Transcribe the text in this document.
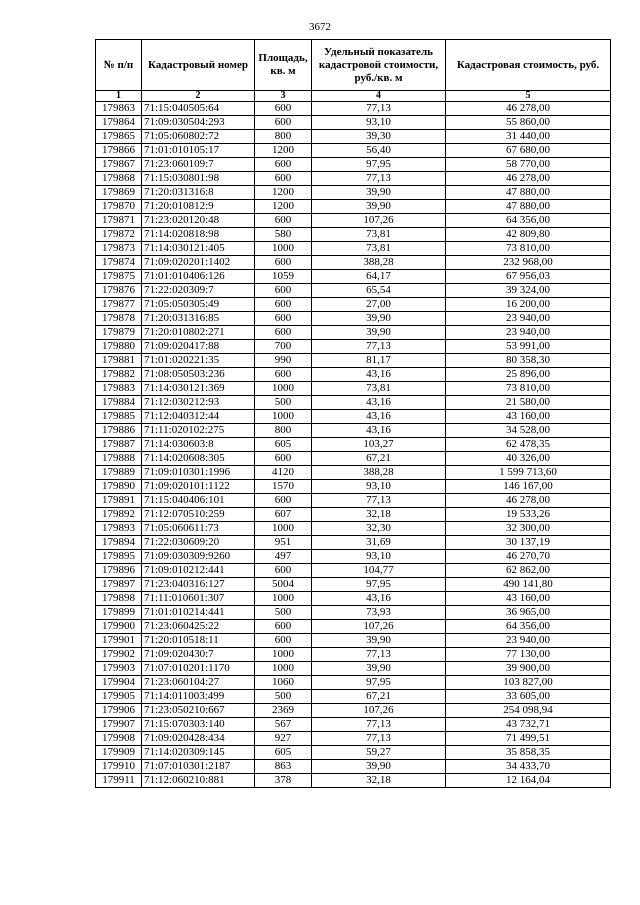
3672
№ п/п	Кадастровый номер	Площадь, кв. м	Удельный показатель кадастровой стоимости, руб./кв. м	Кадастровая стоимость, руб.
1	2	3	4	5
179863	71:15:040505:64	600	77,13	46 278,00
179864	71:09:030504:293	600	93,10	55 860,00
179865	71:05:060802:72	800	39,30	31 440,00
179866	71:01:010105:17	1200	56,40	67 680,00
179867	71:23:060109:7	600	97,95	58 770,00
179868	71:15:030801:98	600	77,13	46 278,00
179869	71:20:031316:8	1200	39,90	47 880,00
179870	71:20:010812:9	1200	39,90	47 880,00
179871	71:23:020120:48	600	107,26	64 356,00
179872	71:14:020818:98	580	73,81	42 809,80
179873	71:14:030121:405	1000	73,81	73 810,00
179874	71:09:020201:1402	600	388,28	232 968,00
179875	71:01:010406:126	1059	64,17	67 956,03
179876	71:22:020309:7	600	65,54	39 324,00
179877	71:05:050305:49	600	27,00	16 200,00
179878	71:20:031316:85	600	39,90	23 940,00
179879	71:20:010802:271	600	39,90	23 940,00
179880	71:09:020417:88	700	77,13	53 991,00
179881	71:01:020221:35	990	81,17	80 358,30
179882	71:08:050503:236	600	43,16	25 896,00
179883	71:14:030121:369	1000	73,81	73 810,00
179884	71:12:030212:93	500	43,16	21 580,00
179885	71:12:040312:44	1000	43,16	43 160,00
179886	71:11:020102:275	800	43,16	34 528,00
179887	71:14:030603:8	605	103,27	62 478,35
179888	71:14:020608:305	600	67,21	40 326,00
179889	71:09:010301:1996	4120	388,28	1 599 713,60
179890	71:09:020101:1122	1570	93,10	146 167,00
179891	71:15:040406:101	600	77,13	46 278,00
179892	71:12:070510:259	607	32,18	19 533,26
179893	71:05:060611:73	1000	32,30	32 300,00
179894	71:22:030609:20	951	31,69	30 137,19
179895	71:09:030309:9260	497	93,10	46 270,70
179896	71:09:010212:441	600	104,77	62 862,00
179897	71:23:040316:127	5004	97,95	490 141,80
179898	71:11:010601:307	1000	43,16	43 160,00
179899	71:01:010214:441	500	73,93	36 965,00
179900	71:23:060425:22	600	107,26	64 356,00
179901	71:20:010518:11	600	39,90	23 940,00
179902	71:09:020430:7	1000	77,13	77 130,00
179903	71:07:010201:1170	1000	39,90	39 900,00
179904	71:23:060104:27	1060	97,95	103 827,00
179905	71:14:011003:499	500	67,21	33 605,00
179906	71:23:050210:667	2369	107,26	254 098,94
179907	71:15:070303:140	567	77,13	43 732,71
179908	71:09:020428:434	927	77,13	71 499,51
179909	71:14:020309:145	605	59,27	35 858,35
179910	71:07:010301:2187	863	39,90	34 433,70
179911	71:12:060210:881	378	32,18	12 164,04
